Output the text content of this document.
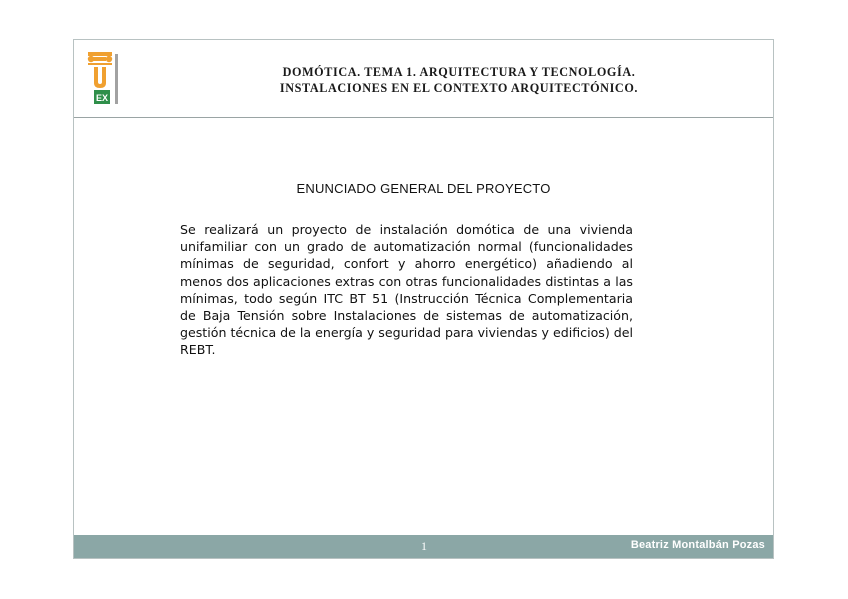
EX
DOMÓTICA. TEMA 1. ARQUITECTURA Y TECNOLOGÍA.
INSTALACIONES EN EL CONTEXTO ARQUITECTÓNICO.
ENUNCIADO GENERAL DEL PROYECTO
Se realizará un proyecto de instalación domótica de una vivienda unifamiliar con un grado de automatización normal (funcionalidades mínimas de seguridad, confort y ahorro energético) añadiendo al menos dos aplicaciones extras con otras funcionalidades distintas a las mínimas, todo según ITC BT 51 (Instrucción Técnica Complementaria de Baja Tensión sobre Instalaciones de sistemas de automatización, gestión técnica de la energía y seguridad para viviendas y edificios) del REBT.
1	Beatriz Montalbán Pozas
